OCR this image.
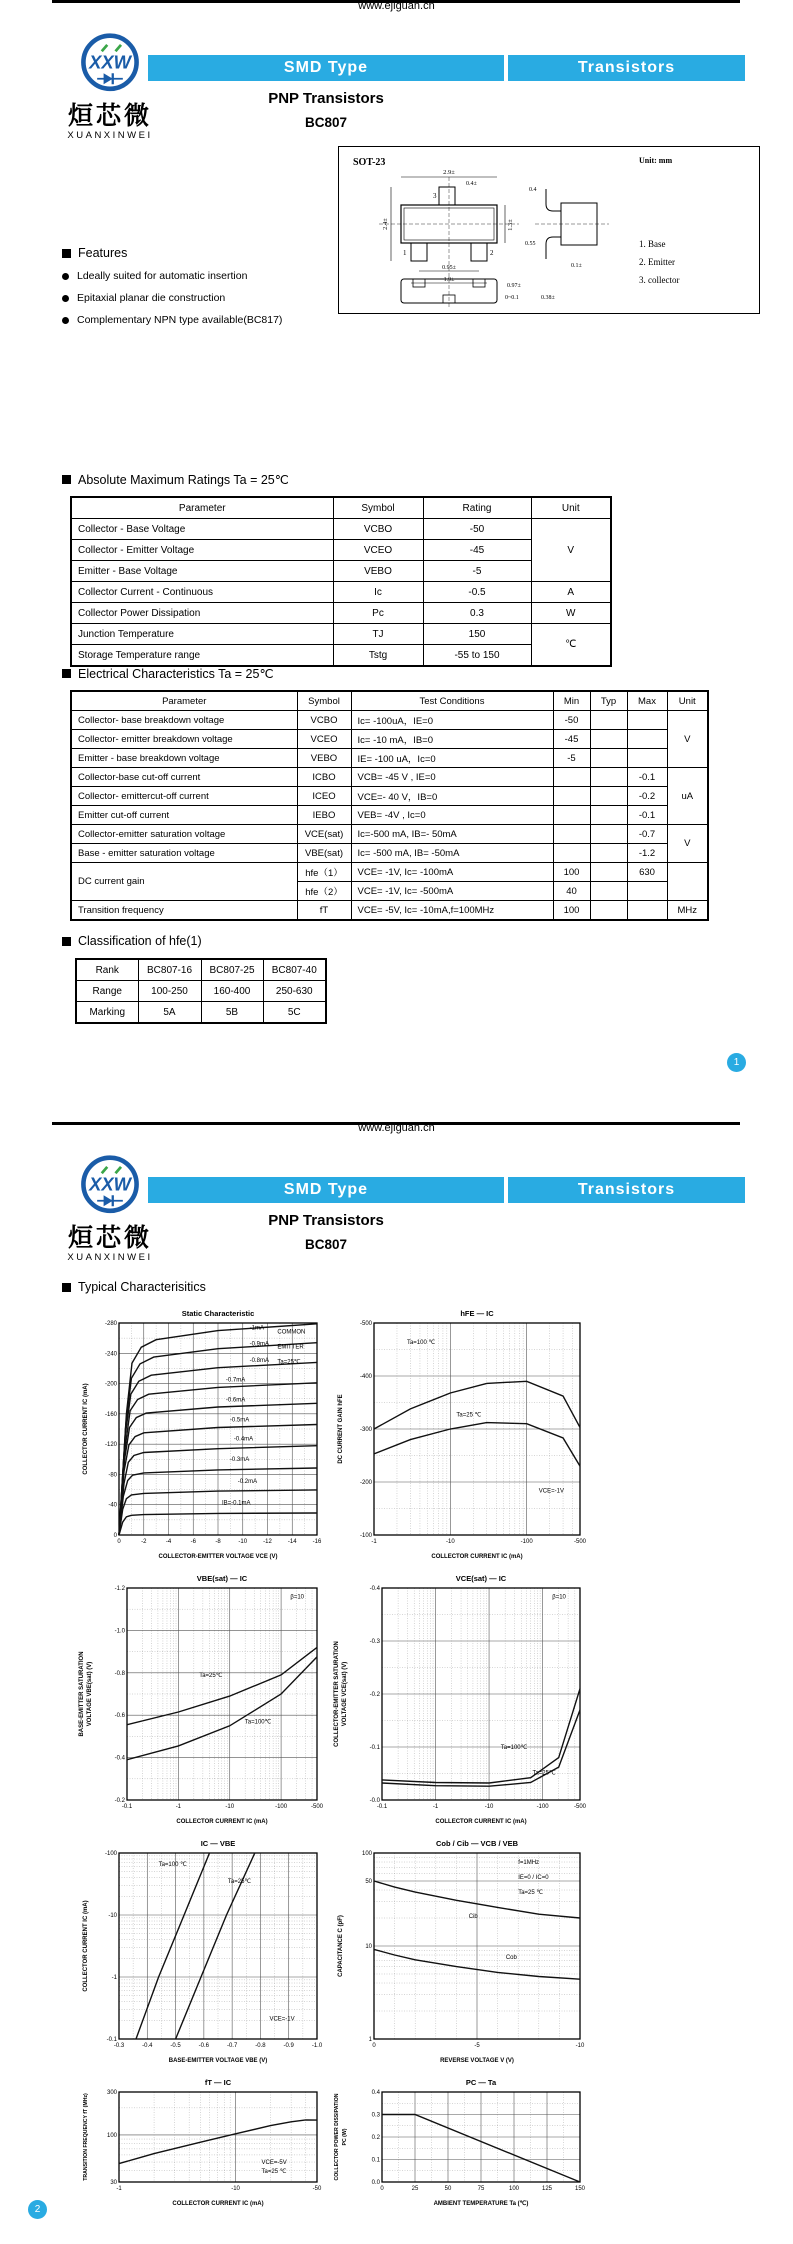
XXW
烜芯微
XUANXINWEI
SMD Type	Transistors
PNP Transistors
BC807
Features
Ldeally suited for automatic insertion
Epitaxial planar die construction
Complementary NPN type available(BC817)
SOT-23	Unit: mm
3
1	2
2.9±
0.4±
2.4±	1.3±
0.95±
1.9±
0.4
0.55
0.1±
0.97±
0~0.1	0.38±
1. Base
2. Emitter
3. collector
Absolute Maximum Ratings Ta = 25℃
Parameter	Symbol	Rating	Unit
Collector - Base Voltage	VCBO	-50	V
Collector - Emitter Voltage	VCEO	-45	
Emitter - Base Voltage	VEBO	-5	
Collector Current - Continuous	Ic	-0.5	A
Collector Power Dissipation	Pc	0.3	W
Junction Temperature	TJ	150	℃
Storage Temperature range	Tstg	-55 to 150	
Electrical Characteristics Ta = 25℃
Parameter	Symbol	Test Conditions	Min	Typ	Max	Unit
Collector- base breakdown voltage	VCBO	Ic= -100uA，IE=0	-50			V
Collector- emitter breakdown voltage	VCEO	Ic= -10 mA，IB=0	-45			
Emitter - base breakdown voltage	VEBO	IE= -100 uA，Ic=0	-5			
Collector-base cut-off current	ICBO	VCB= -45 V , IE=0			-0.1	uA
Collector- emittercut-off current	ICEO	VCE=- 40 V，IB=0			-0.2	
Emitter cut-off current	IEBO	VEB= -4V , Ic=0			-0.1	
Collector-emitter saturation voltage	VCE(sat)	Ic=-500 mA, IB=- 50mA			-0.7	V
Base - emitter saturation voltage	VBE(sat)	Ic= -500 mA, IB= -50mA			-1.2	
DC current gain	hfe（1）	VCE= -1V, Ic= -100mA	100		630	
	hfe（2）	VCE= -1V, Ic= -500mA	40			
Transition frequency	fT	VCE= -5V, Ic= -10mA,f=100MHz	100			MHz
Classification of hfe(1)
Rank	BC807-16	BC807-25	BC807-40
Range	100-250	160-400	250-630
Marking	5A	5B	5C
www.ejiguan.cn
1
XXW
烜芯微
XUANXINWEI
SMD Type	Transistors
PNP Transistors
BC807
Typical Characterisitics
0	-2	-4	-6	-8	-10	-12	-14	-16
0
-40
-80
-120
-160
-200
-240
-280
Static Characteristic
COLLECTOR-EMITTER VOLTAGE VCE (V)
COLLECTOR CURRENT IC (mA)
COMMON
EMITTER
Ta=25℃
-1mA
-0.9mA
-0.8mA
-0.7mA
-0.6mA
-0.5mA
-0.4mA
-0.3mA
-0.2mA
IB=-0.1mA
-1	-10	-100	-500
-100
-200
-300
-400
-500
hFE — IC
COLLECTOR CURRENT IC (mA)
DC CURRENT GAIN hFE
Ta=100 ℃
Ta=25 ℃
VCE=-1V
-0.1	-1	-10	-100	-500
-0.2
-0.4
-0.6
-0.8
-1.0
-1.2
VBE(sat) — IC
COLLECTOR CURRENT IC (mA)
BASE-EMITTER SATURATION VOLTAGE VBE(sat) (V)
β=10
Ta=25℃
Ta=100℃
-0.1	-1	-10	-100	-500
-0.0
-0.1
-0.2
-0.3
-0.4
VCE(sat) — IC
COLLECTOR CURRENT IC (mA)
COLLECTOR-EMITTER SATURATION VOLTAGE VCE(sat) (V)
β=10
Ta=100℃
Ta=25℃
-0.3	-0.4	-0.5	-0.6	-0.7	-0.8	-0.9	-1.0
-0.1
-1
-10
-100
IC — VBE
BASE-EMITTER VOLTAGE VBE (V)
COLLECTOR CURRENT IC (mA)
Ta=100 ℃
Ta=25℃
VCE=-1V
0	-5	-10
1
10
50
100
Cob / Cib — VCB / VEB
REVERSE VOLTAGE V (V)
CAPACITANCE C (pF)
f=1MHz
IE=0 / IC=0
Ta=25 ℃
Cib
Cob
-1	-10	-50
30
100
300
fT — IC
COLLECTOR CURRENT IC (mA)
TRANSITION FREQUENCY fT (MHz)	VCE=-5V
Ta=25 ℃
0	25	50	75	100	125	150
0.0
0.1
0.2
0.3
0.4
PC — Ta
AMBIENT TEMPERATURE Ta (℃)
COLLECTOR POWER DISSIPATION PC (W)
www.ejiguan.cn
2
